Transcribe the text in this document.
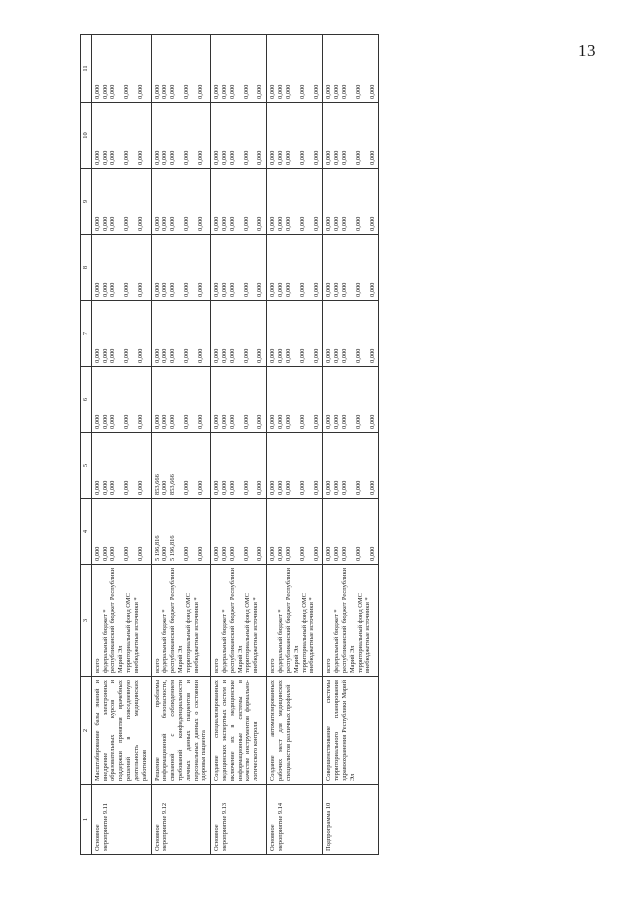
13
1	2	3	4	5	6	7	8	9	10	11
Основное мероприятие 9.11	Масштабирование базы знаний и внедрение электронных образовательных курсов и поддержки принятия врачебных решений в повседневную деятельность медицинских работников	всего федеральный бюджет * республиканский бюджет Республики Марий Эл территориальный фонд ОМС внебюджетные источники *	0,000 0,000 0,000 0,000 0,000	0,000 0,000 0,000 0,000 0,000	0,000 0,000 0,000 0,000 0,000	0,000 0,000 0,000 0,000 0,000	0,000 0,000 0,000 0,000 0,000	0,000 0,000 0,000 0,000 0,000	0,000 0,000 0,000 0,000 0,000	0,000 0,000 0,000 0,000 0,000

Основное мероприятие 9.12	Решение проблемы информационной безопасности, связанной с соблюдением требований конфиденциальности личных данных пациентов и персональных данных о состоянии здоровья пациента	всего федеральный бюджет * республиканский бюджет Республики Марий Эл территориальный фонд ОМС внебюджетные источники *	5 196,816 0,000 5 196,816 0,000 0,000	853,666 0,000 853,666 0,000 0,000	0,000 0,000 0,000 0,000 0,000	0,000 0,000 0,000 0,000 0,000	0,000 0,000 0,000 0,000 0,000	0,000 0,000 0,000 0,000 0,000	0,000 0,000 0,000 0,000 0,000	0,000 0,000 0,000 0,000 0,000

Основное мероприятие 9.13	Создание специализированных медицинских экспертных систем и включение их в медицинские информационные системы в качестве инструментов формально-логического контроля	всего федеральный бюджет * республиканский бюджет Республики Марий Эл территориальный фонд ОМС внебюджетные источники *	0,000 0,000 0,000 0,000 0,000	0,000 0,000 0,000 0,000 0,000	0,000 0,000 0,000 0,000 0,000	0,000 0,000 0,000 0,000 0,000	0,000 0,000 0,000 0,000 0,000	0,000 0,000 0,000 0,000 0,000	0,000 0,000 0,000 0,000 0,000	0,000 0,000 0,000 0,000 0,000

Основное мероприятие 9.14	Создание автоматизированных рабочих мест для медицинских специалистов различных профилей	всего федеральный бюджет * республиканский бюджет Республики Марий Эл территориальный фонд ОМС внебюджетные источники *	0,000 0,000 0,000 0,000 0,000	0,000 0,000 0,000 0,000 0,000	0,000 0,000 0,000 0,000 0,000	0,000 0,000 0,000 0,000 0,000	0,000 0,000 0,000 0,000 0,000	0,000 0,000 0,000 0,000 0,000	0,000 0,000 0,000 0,000 0,000	0,000 0,000 0,000 0,000 0,000

Подпрограмма 10	Совершенствование системы территориального планирования здравоохранения Республики Марий Эл	всего федеральный бюджет * республиканский бюджет Республики Марий Эл территориальный фонд ОМС внебюджетные источники *	0,000 0,000 0,000 0,000 0,000	0,000 0,000 0,000 0,000 0,000	0,000 0,000 0,000 0,000 0,000	0,000 0,000 0,000 0,000 0,000	0,000 0,000 0,000 0,000 0,000	0,000 0,000 0,000 0,000 0,000	0,000 0,000 0,000 0,000 0,000	0,000 0,000 0,000 0,000 0,000
